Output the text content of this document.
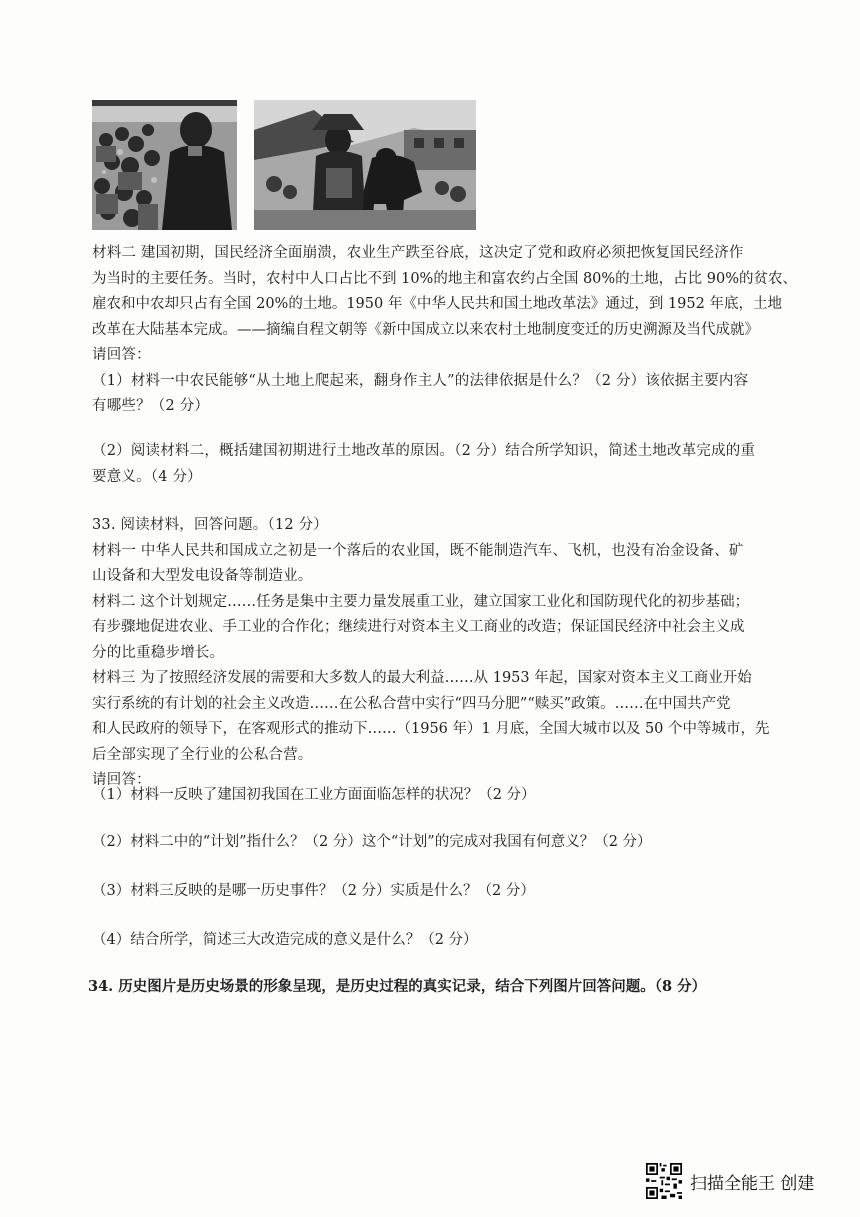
材料二 建国初期，国民经济全面崩溃，农业生产跌至谷底，这决定了党和政府必须把恢复国民经济作
为当时的主要任务。当时，农村中人口占比不到 10%的地主和富农约占全国 80%的土地，占比 90%的贫农、
雇农和中农却只占有全国 20%的土地。1950 年《中华人民共和国土地改革法》通过，到 1952 年底，土地
改革在大陆基本完成。——摘编自程文朝等《新中国成立以来农村土地制度变迁的历史溯源及当代成就》
请回答：
（1）材料一中农民能够“从土地上爬起来，翻身作主人”的法律依据是什么？（2 分）该依据主要内容
有哪些？（2 分）
（2）阅读材料二，概括建国初期进行土地改革的原因。（2 分）结合所学知识，简述土地改革完成的重
要意义。（4 分）
33. 阅读材料，回答问题。（12 分）
材料一 中华人民共和国成立之初是一个落后的农业国，既不能制造汽车、飞机，也没有冶金设备、矿
山设备和大型发电设备等制造业。
材料二 这个计划规定……任务是集中主要力量发展重工业，建立国家工业化和国防现代化的初步基础；
有步骤地促进农业、手工业的合作化；继续进行对资本主义工商业的改造；保证国民经济中社会主义成
分的比重稳步增长。
材料三 为了按照经济发展的需要和大多数人的最大利益……从 1953 年起，国家对资本主义工商业开始
实行系统的有计划的社会主义改造……在公私合营中实行“四马分肥”“赎买”政策。……在中国共产党
和人民政府的领导下，在客观形式的推动下……（1956 年）1 月底，全国大城市以及 50 个中等城市，先
后全部实现了全行业的公私合营。
请回答：
（1）材料一反映了建国初我国在工业方面面临怎样的状况？（2 分）
（2）材料二中的“计划”指什么？（2 分）这个“计划”的完成对我国有何意义？（2 分）
（3）材料三反映的是哪一历史事件？（2 分）实质是什么？（2 分）
（4）结合所学，简述三大改造完成的意义是什么？（2 分）
34. 历史图片是历史场景的形象呈现，是历史过程的真实记录，结合下列图片回答问题。（8 分）
扫描全能王 创建
